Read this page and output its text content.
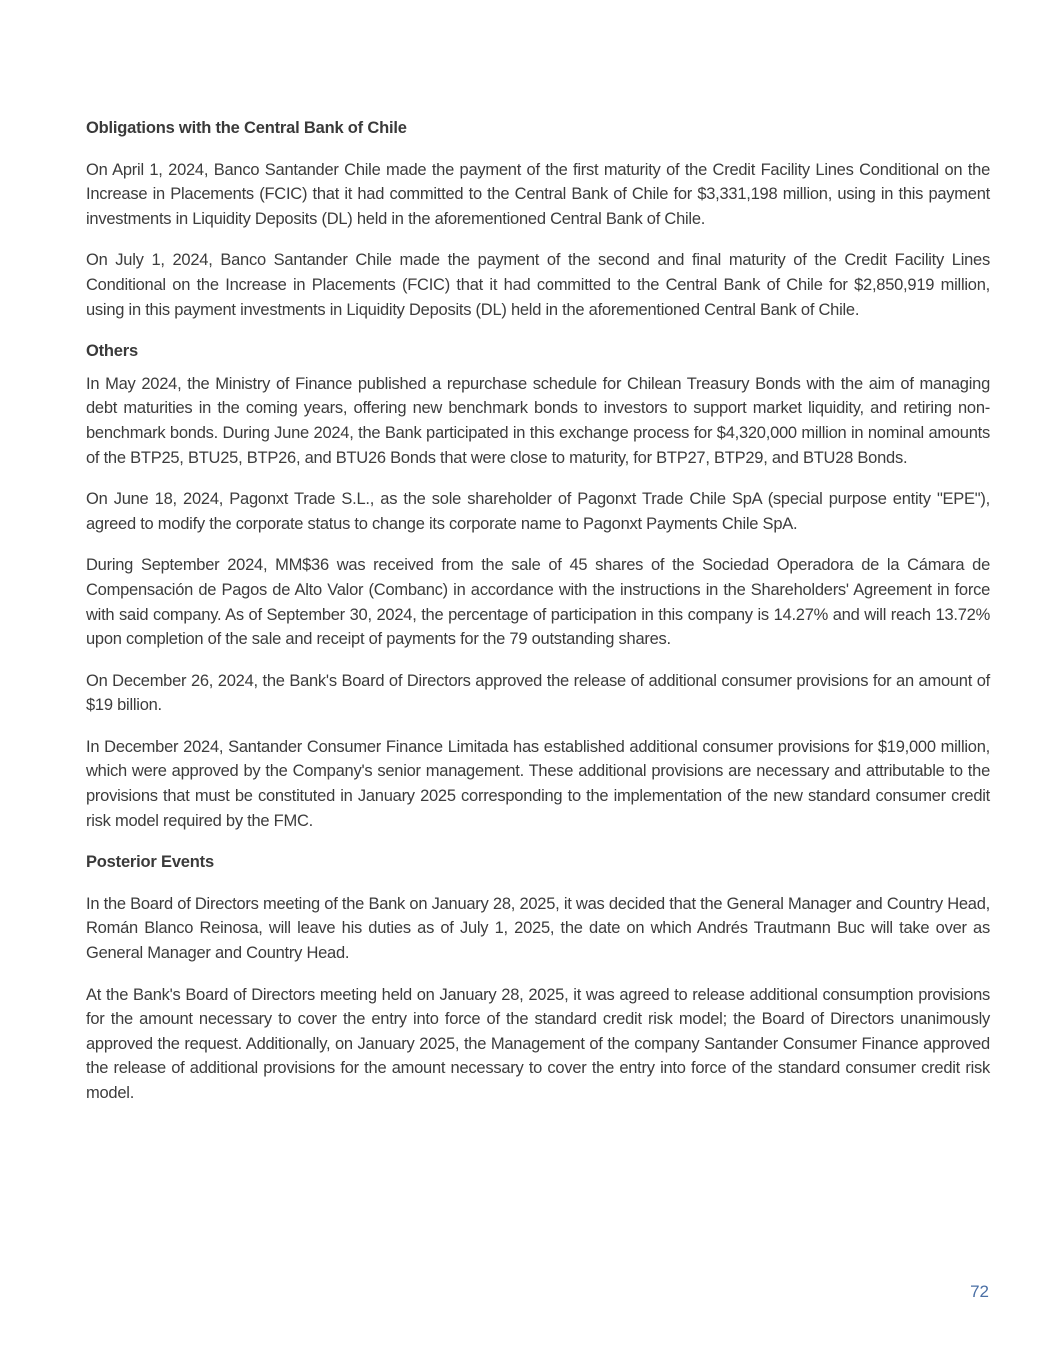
Obligations with the Central Bank of Chile

On April 1, 2024, Banco Santander Chile made the payment of the first maturity of the Credit Facility Lines Conditional on the Increase in Placements (FCIC) that it had committed to the Central Bank of Chile for $3,331,198 million, using in this payment investments in Liquidity Deposits (DL) held in the aforementioned Central Bank of Chile.

On July 1, 2024, Banco Santander Chile made the payment of the second and final maturity of the Credit Facility Lines Conditional on the Increase in Placements (FCIC) that it had committed to the Central Bank of Chile for $2,850,919 million, using in this payment investments in Liquidity Deposits (DL) held in the aforementioned Central Bank of Chile.

Others

In May 2024, the Ministry of Finance published a repurchase schedule for Chilean Treasury Bonds with the aim of managing debt maturities in the coming years, offering new benchmark bonds to investors to support market liquidity, and retiring non-benchmark bonds. During June 2024, the Bank participated in this exchange process for $4,320,000 million in nominal amounts of the BTP25, BTU25, BTP26, and BTU26 Bonds that were close to maturity, for BTP27, BTP29, and BTU28 Bonds.

On June 18, 2024, Pagonxt Trade S.L., as the sole shareholder of Pagonxt Trade Chile SpA (special purpose entity "EPE"), agreed to modify the corporate status to change its corporate name to Pagonxt Payments Chile SpA.

During September 2024, MM$36 was received from the sale of 45 shares of the Sociedad Operadora de la Cámara de Compensación de Pagos de Alto Valor (Combanc) in accordance with the instructions in the Shareholders' Agreement in force with said company. As of September 30, 2024, the percentage of participation in this company is 14.27% and will reach 13.72% upon completion of the sale and receipt of payments for the 79 outstanding shares.

On December 26, 2024, the Bank's Board of Directors approved the release of additional consumer provisions for an amount of $19 billion.

In December 2024, Santander Consumer Finance Limitada has established additional consumer provisions for $19,000 million, which were approved by the Company's senior management. These additional provisions are necessary and attributable to the provisions that must be constituted in January 2025 corresponding to the implementation of the new standard consumer credit risk model required by the FMC.

Posterior Events

In the Board of Directors meeting of the Bank on January 28, 2025, it was decided that the General Manager and Country Head, Román Blanco Reinosa, will leave his duties as of July 1, 2025, the date on which Andrés Trautmann Buc will take over as General Manager and Country Head.

At the Bank's Board of Directors meeting held on January 28, 2025, it was agreed to release additional consumption provisions for the amount necessary to cover the entry into force of the standard credit risk model; the Board of Directors unanimously approved the request. Additionally, on January 2025, the Management of the company Santander Consumer Finance approved the release of additional provisions for the amount necessary to cover the entry into force of the standard consumer credit risk model.

72
